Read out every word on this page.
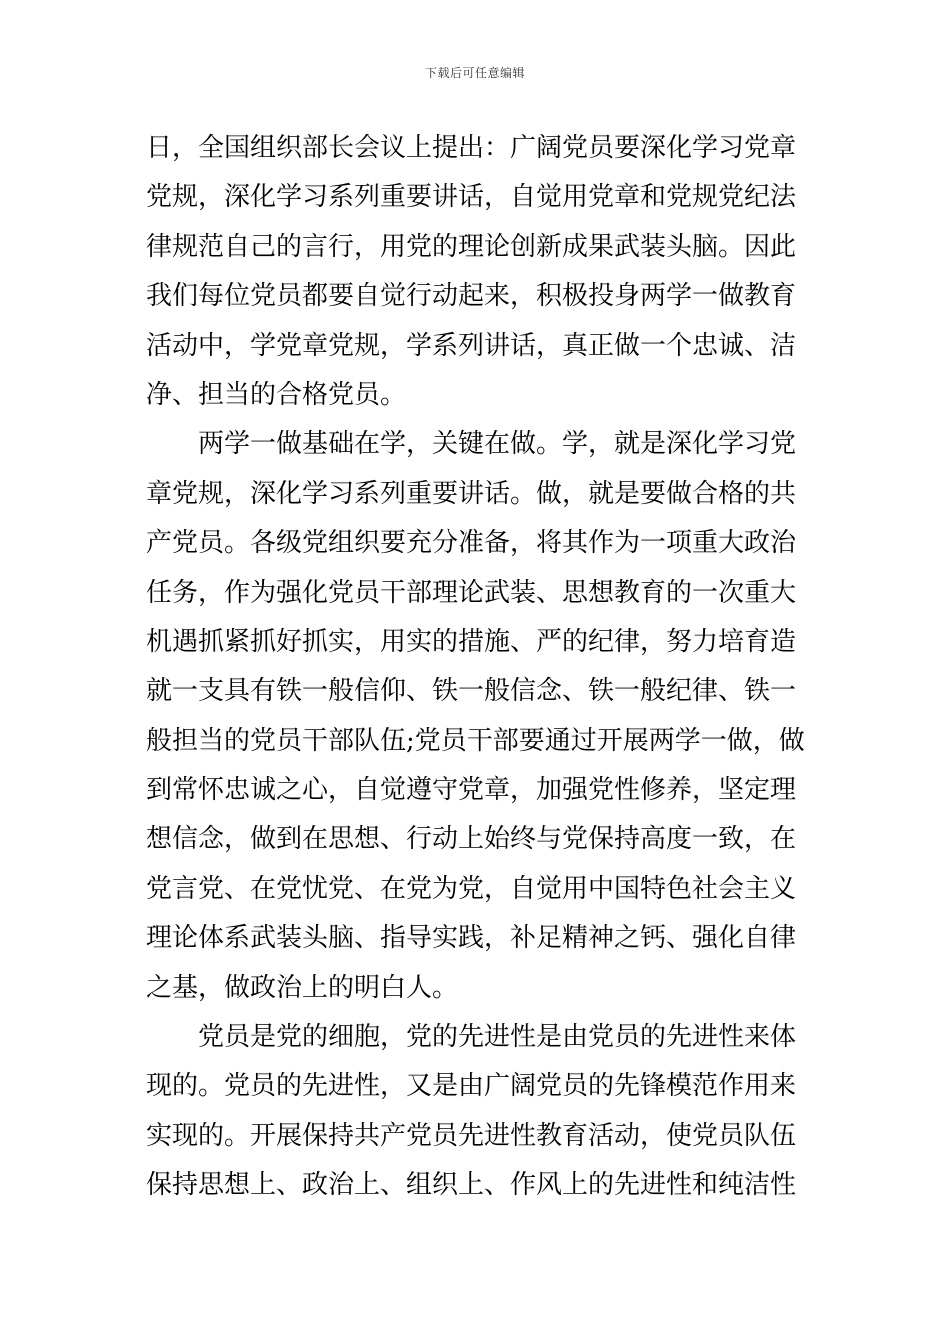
下载后可任意编辑
日，全国组织部长会议上提出：广阔党员要深化学习党章
党规，深化学习系列重要讲话，自觉用党章和党规党纪法
律规范自己的言行，用党的理论创新成果武装头脑。因此
我们每位党员都要自觉行动起来，积极投身两学一做教育
活动中，学党章党规，学系列讲话，真正做一个忠诚、洁
净、担当的合格党员。
两学一做基础在学，关键在做。学，就是深化学习党
章党规，深化学习系列重要讲话。做，就是要做合格的共
产党员。各级党组织要充分准备，将其作为一项重大政治
任务，作为强化党员干部理论武装、思想教育的一次重大
机遇抓紧抓好抓实，用实的措施、严的纪律，努力培育造
就一支具有铁一般信仰、铁一般信念、铁一般纪律、铁一
般担当的党员干部队伍;党员干部要通过开展两学一做，做
到常怀忠诚之心，自觉遵守党章，加强党性修养，坚定理
想信念，做到在思想、行动上始终与党保持高度一致，在
党言党、在党忧党、在党为党，自觉用中国特色社会主义
理论体系武装头脑、指导实践，补足精神之钙、强化自律
之基，做政治上的明白人。
党员是党的细胞，党的先进性是由党员的先进性来体
现的。党员的先进性，又是由广阔党员的先锋模范作用来
实现的。开展保持共产党员先进性教育活动，使党员队伍
保持思想上、政治上、组织上、作风上的先进性和纯洁性
